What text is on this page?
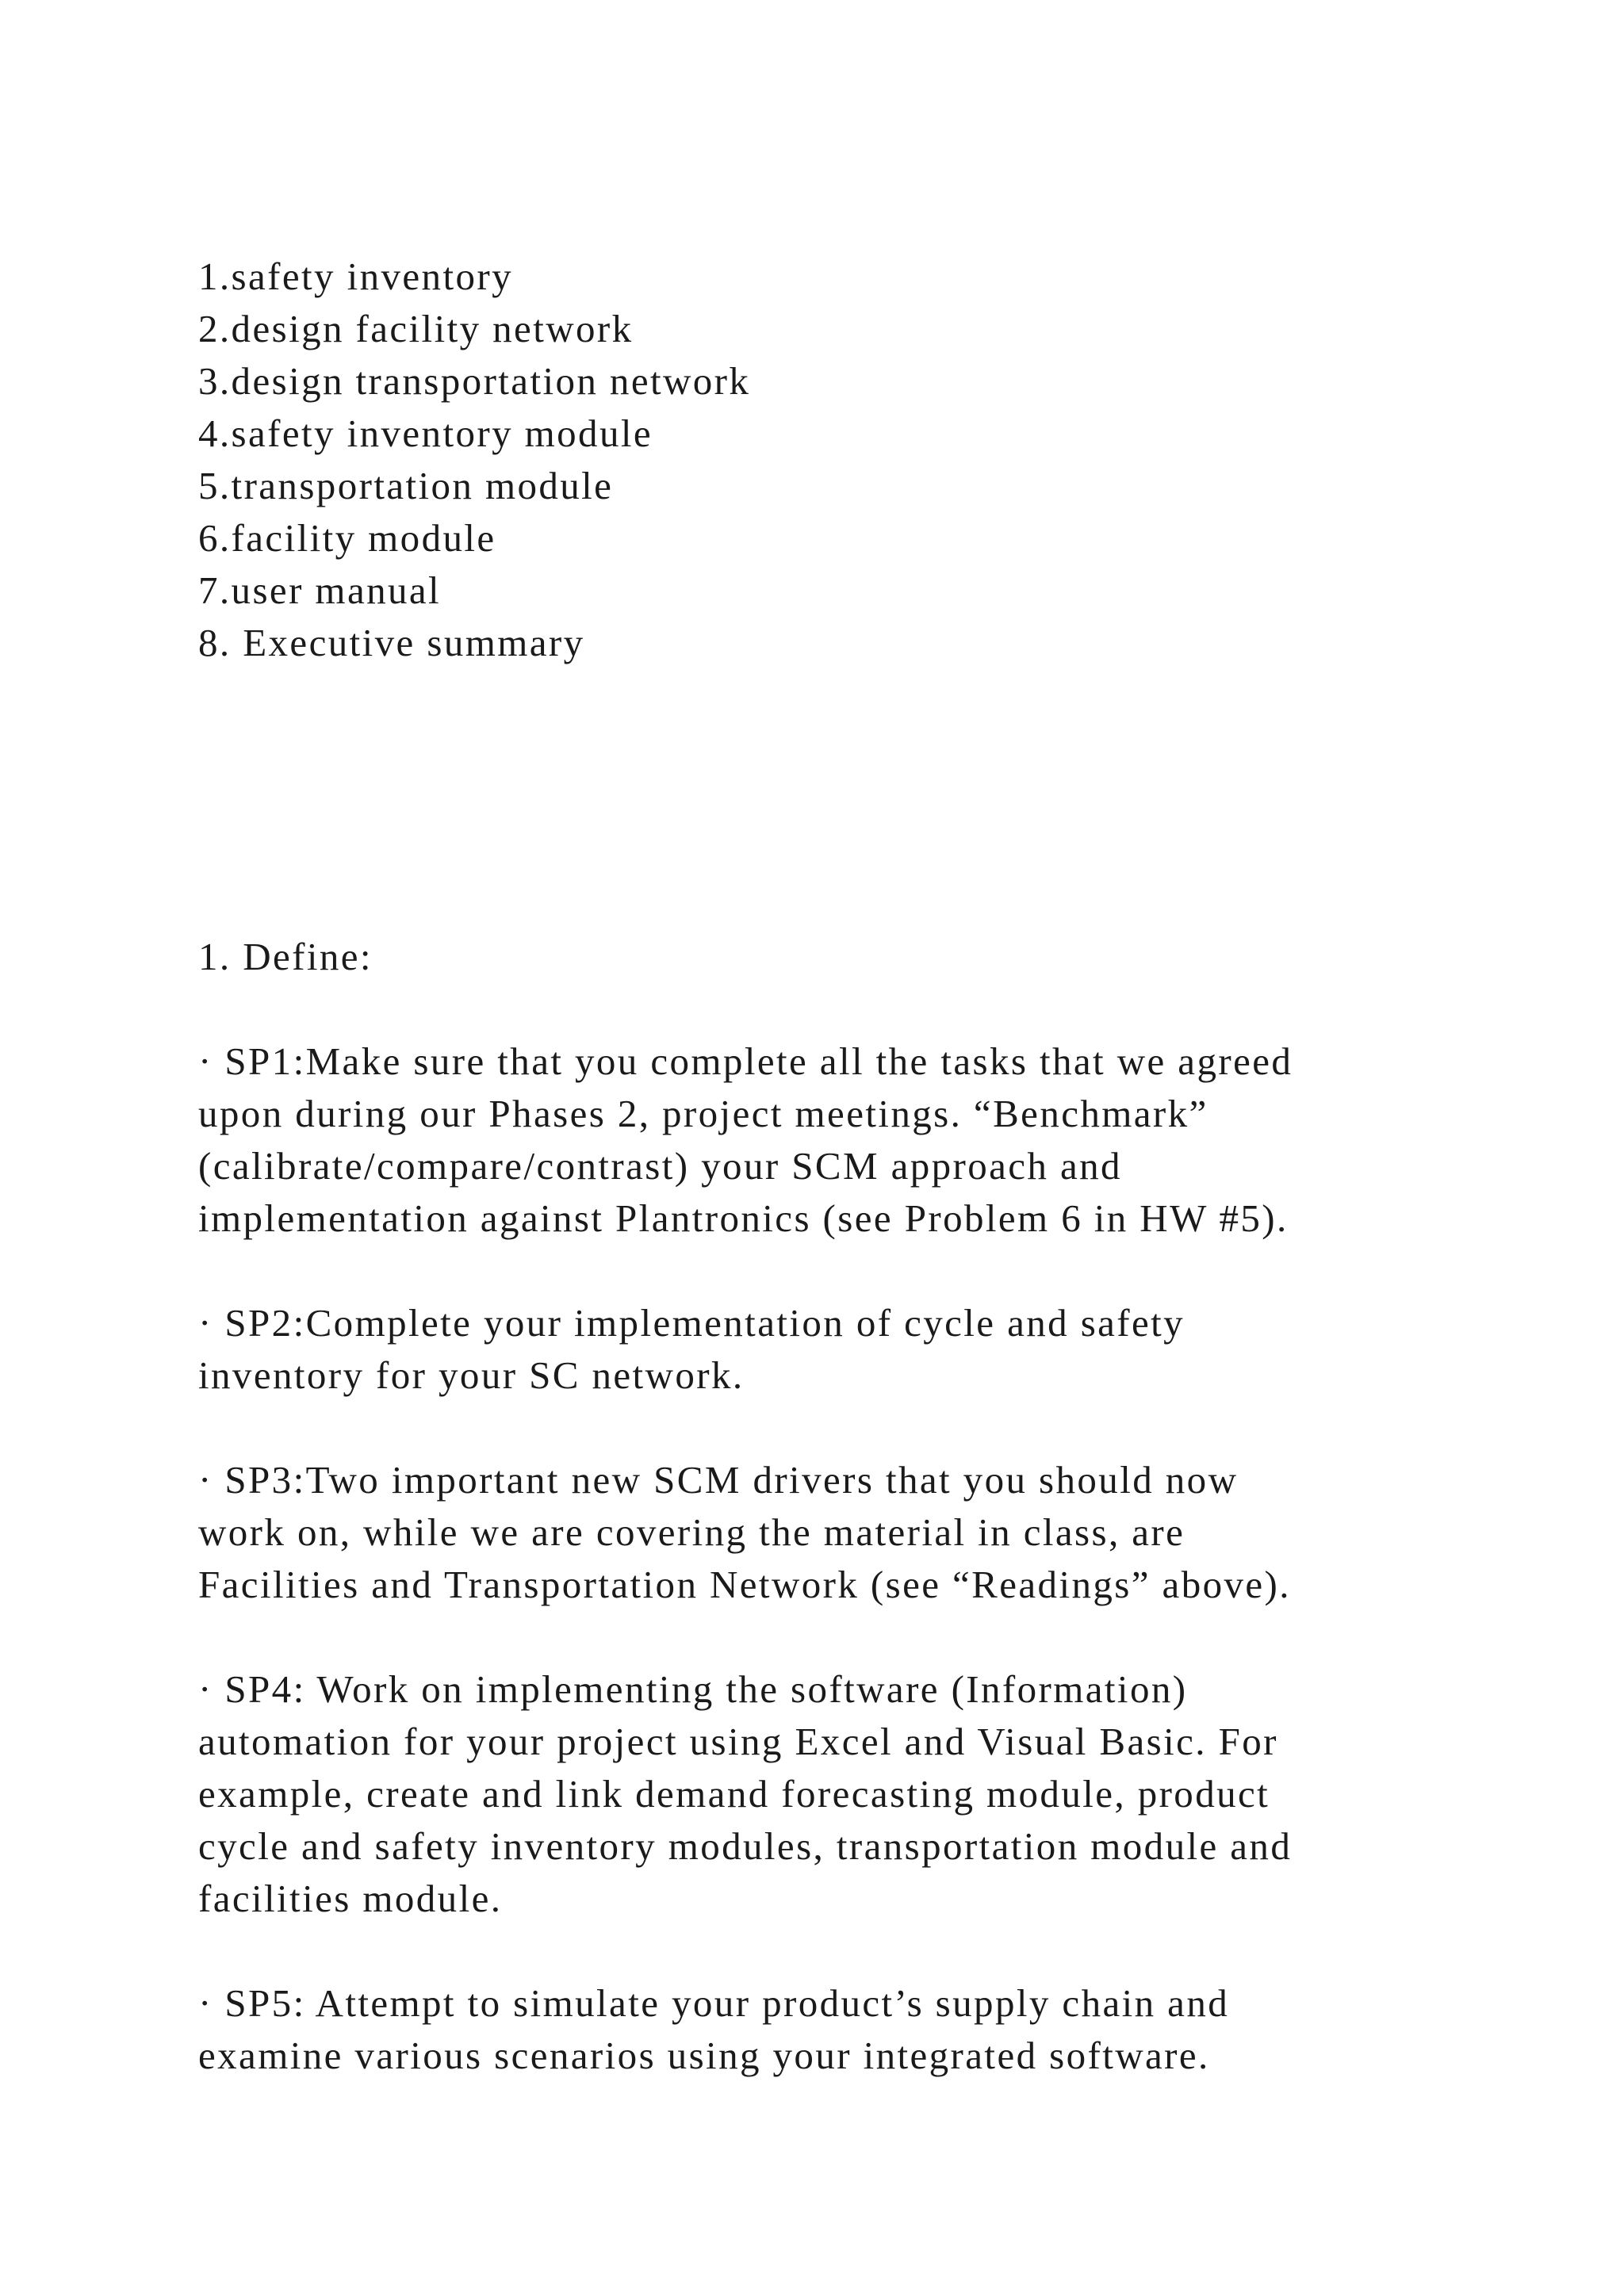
1.safety inventory
2.design facility network
3.design transportation network
4.safety inventory module
5.transportation module
6.facility module
7.user manual
8. Executive summary
1. Define:
· SP1:Make sure that you complete all the tasks that we agreed
upon during our Phases 2, project meetings. “Benchmark”
(calibrate/compare/contrast) your SCM approach and
implementation against Plantronics (see Problem 6 in HW #5).
· SP2:Complete your implementation of cycle and safety
inventory for your SC network.
· SP3:Two important new SCM drivers that you should now
work on, while we are covering the material in class, are
Facilities and Transportation Network (see “Readings” above).
· SP4: Work on implementing the software (Information)
automation for your project using Excel and Visual Basic. For
example, create and link demand forecasting module, product
cycle and safety inventory modules, transportation module and
facilities module.
· SP5: Attempt to simulate your product’s supply chain and
examine various scenarios using your integrated software.
